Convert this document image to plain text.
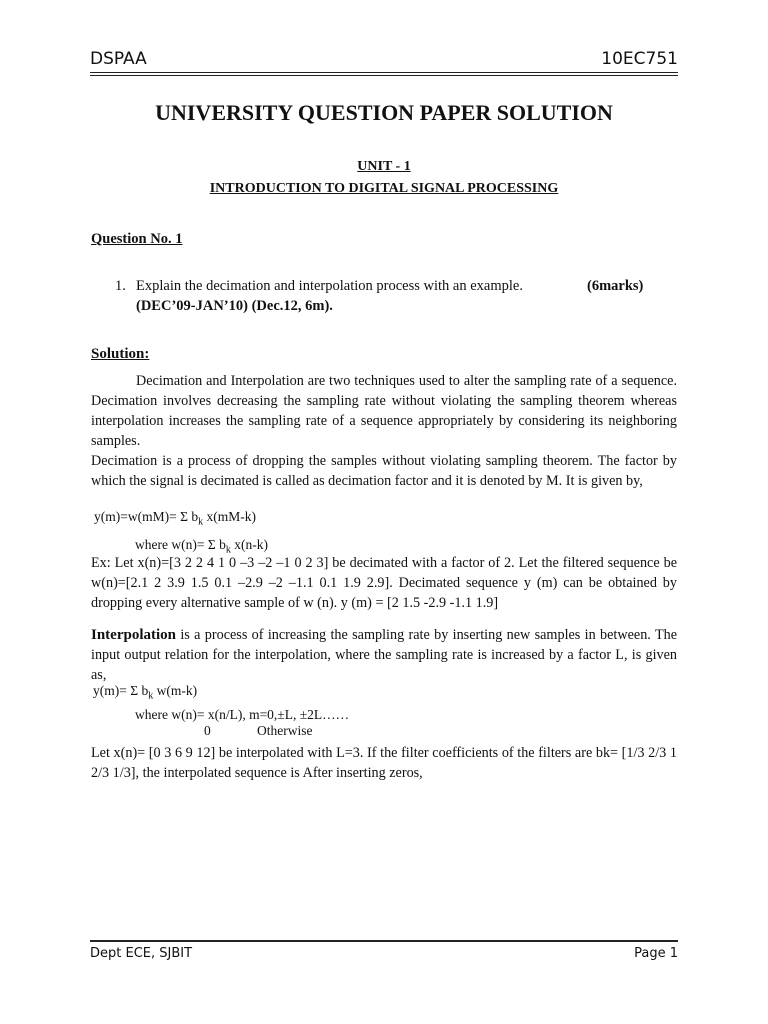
DSPAA	10EC751
UNIVERSITY QUESTION PAPER SOLUTION
UNIT - 1
INTRODUCTION TO DIGITAL SIGNAL PROCESSING
Question No. 1
1. Explain the decimation and interpolation process with an example.	(6marks)
(DEC’09-JAN’10) (Dec.12, 6m).
Solution:
Decimation and Interpolation are two techniques used to alter the sampling rate of a sequence. Decimation involves decreasing the sampling rate without violating the sampling theorem whereas interpolation increases the sampling rate of a sequence appropriately by considering its neighboring samples.
Decimation is a process of dropping the samples without violating sampling theorem. The factor by which the signal is decimated is called as decimation factor and it is denoted by M. It is given by,
y(m)=w(mM)= Σ $b_k$ x(mM-k)
where w(n)= Σ $b_k$ x(n-k)
Ex: Let x(n)=[3 2 2 4 1 0 –3 –2 –1 0 2 3] be decimated with a factor of 2. Let the filtered sequence be w(n)=[2.1 2 3.9 1.5 0.1 –2.9 –2 –1.1 0.1 1.9 2.9]. Decimated sequence y (m) can be obtained by dropping every alternative sample of w (n). y (m) = [2 1.5 -2.9 -1.1 1.9]
Interpolation is a process of increasing the sampling rate by inserting new samples in between. The input output relation for the interpolation, where the sampling rate is increased by a factor L, is given as,
y(m)= Σ $b_k$ w(m-k)
where w(n)= x(n/L), m=0,±L, ±2L……
0	Otherwise
Let x(n)= [0 3 6 9 12] be interpolated with L=3. If the filter coefficients of the filters are bk= [1/3 2/3 1 2/3 1/3], the interpolated sequence is After inserting zeros,
Dept ECE, SJBIT	Page 1
